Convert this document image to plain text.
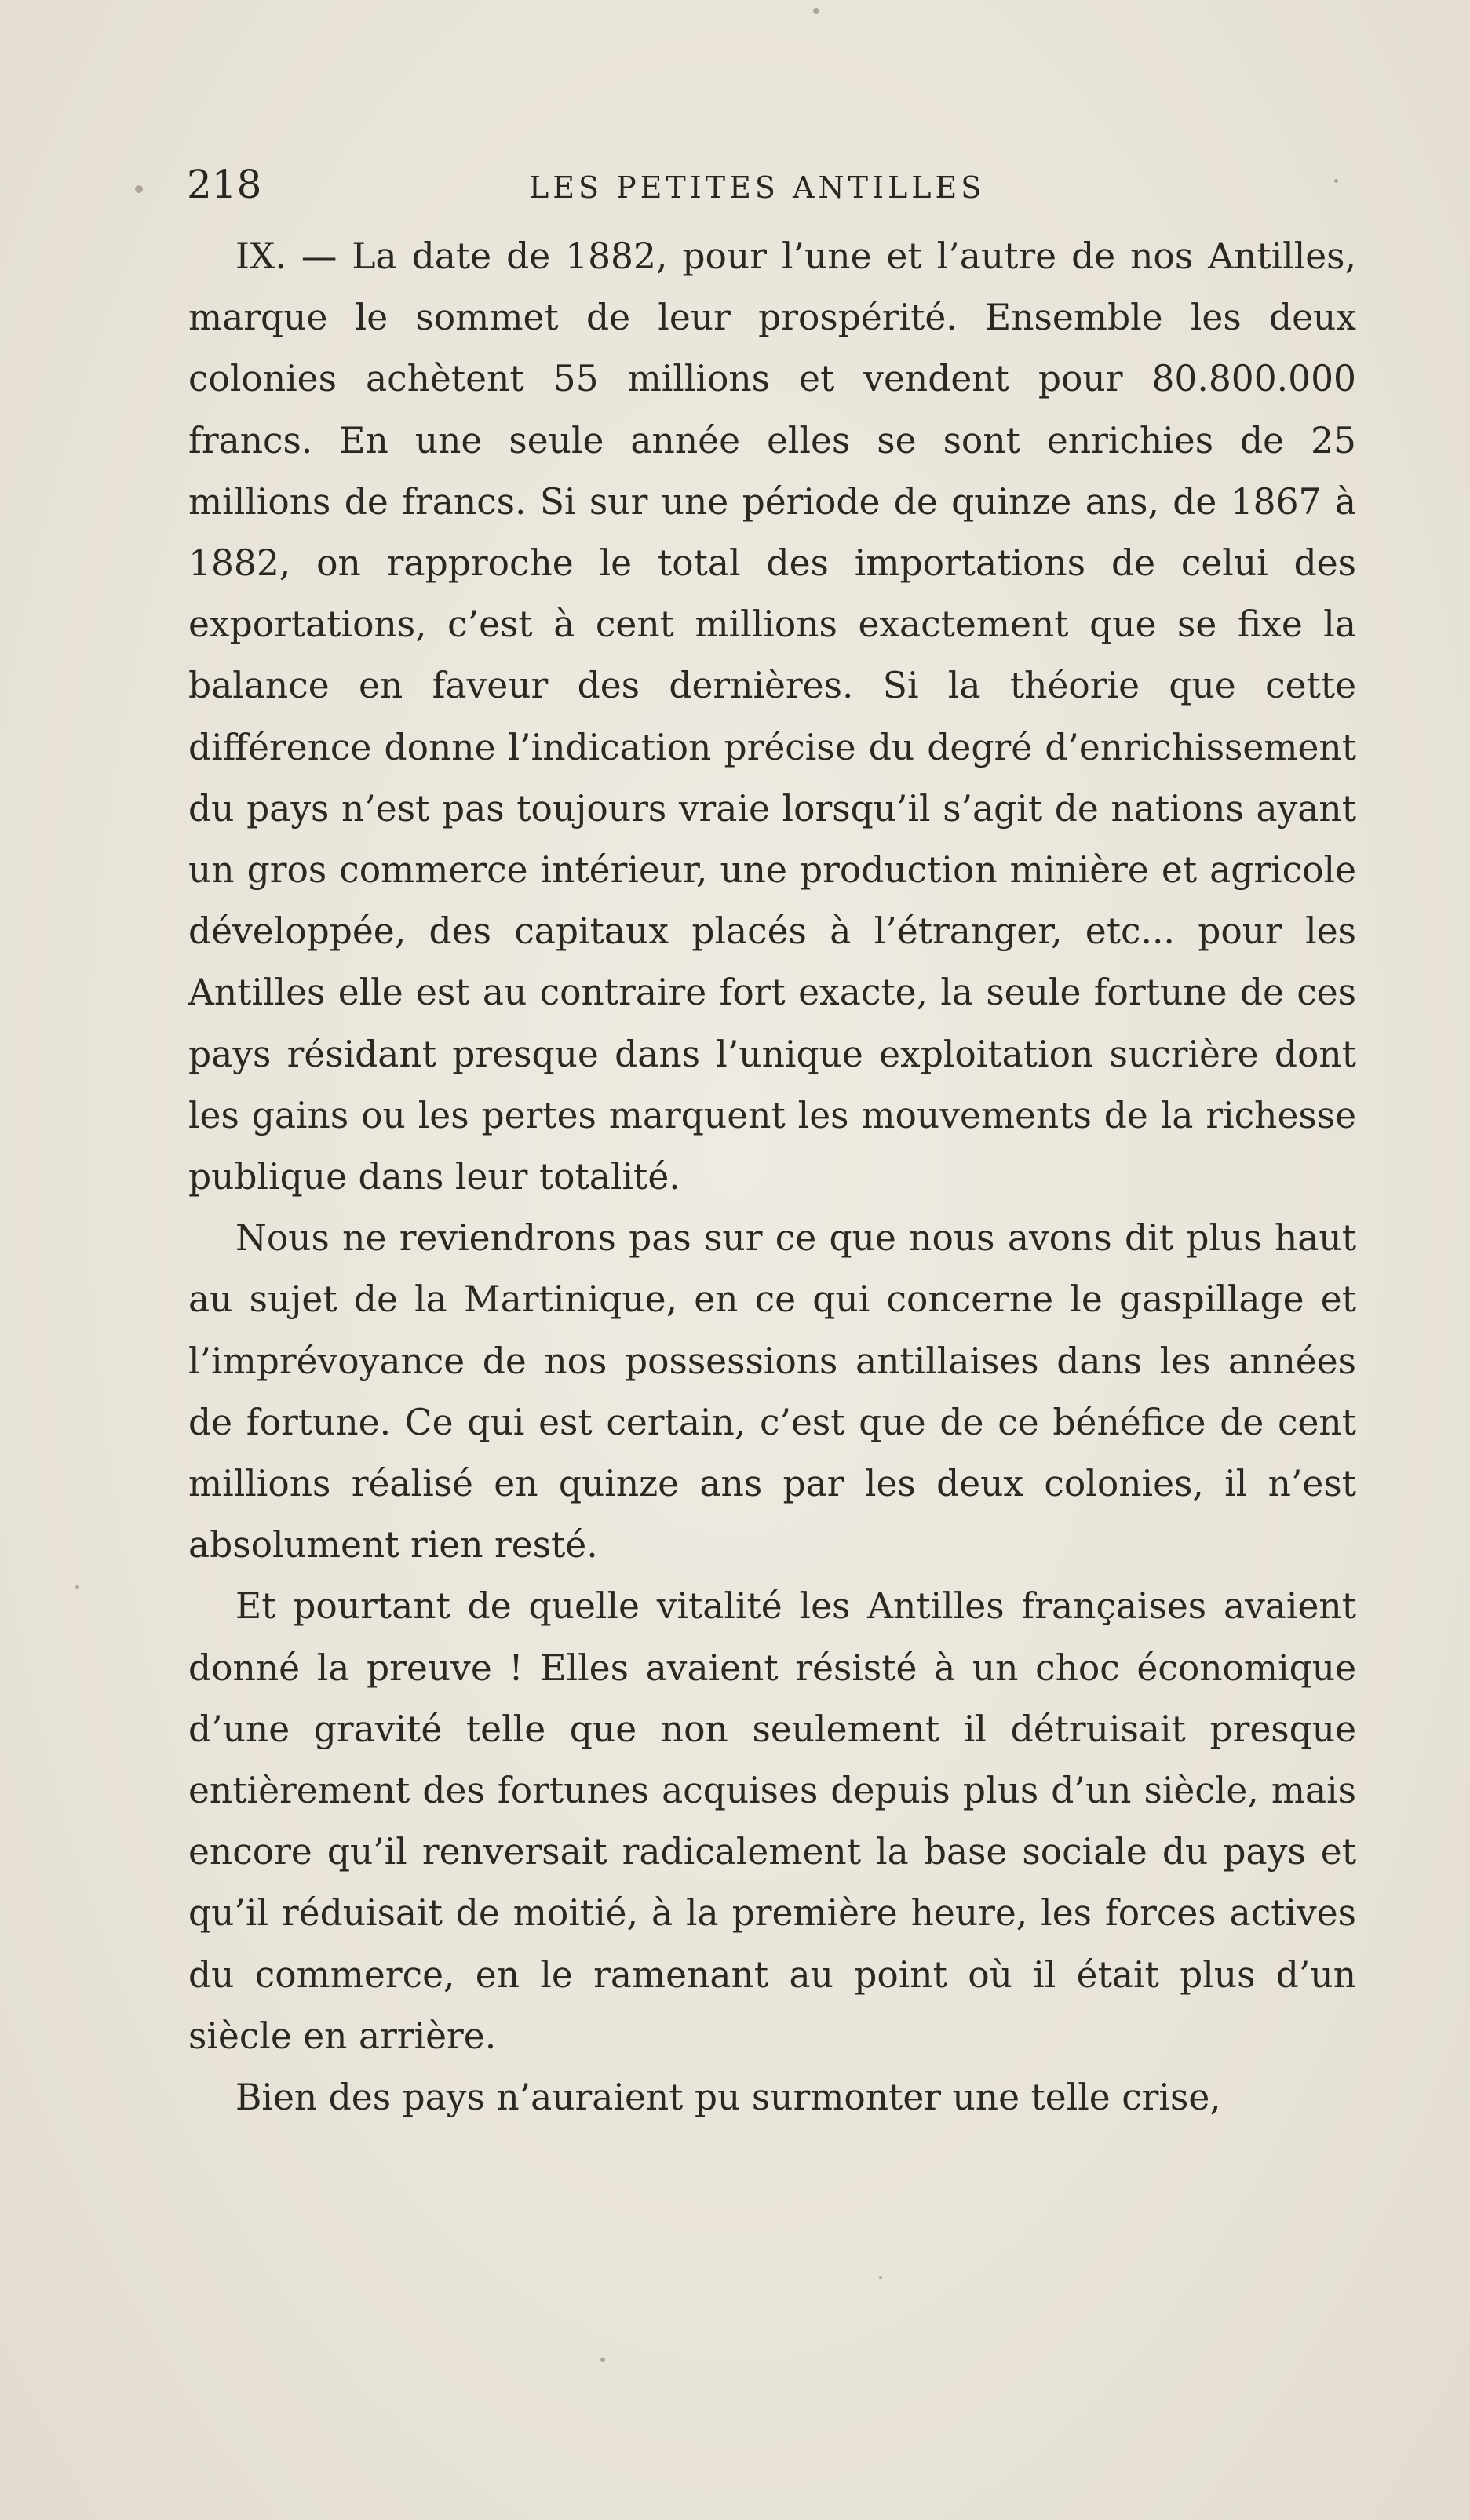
218	LES PETITES ANTILLES

IX. — La date de 1882, pour l’une et l’autre de nos Antilles, marque le sommet de leur prospérité. Ensemble les deux colonies achètent 55 millions et vendent pour 80.800.000 francs. En une seule année elles se sont enrichies de 25 millions de francs. Si sur une période de quinze ans, de 1867 à 1882, on rapproche le total des importations de celui des exportations, c’est à cent millions exactement que se fixe la balance en faveur des dernières. Si la théorie que cette différence donne l’indication précise du degré d’enrichissement du pays n’est pas toujours vraie lorsqu’il s’agit de nations ayant un gros commerce intérieur, une production minière et agricole développée, des capitaux placés à l’étranger, etc... pour les Antilles elle est au contraire fort exacte, la seule fortune de ces pays résidant presque dans l’unique exploitation sucrière dont les gains ou les pertes marquent les mouvements de la richesse publique dans leur totalité.

Nous ne reviendrons pas sur ce que nous avons dit plus haut au sujet de la Martinique, en ce qui concerne le gaspillage et l’imprévoyance de nos possessions antillaises dans les années de fortune. Ce qui est certain, c’est que de ce bénéfice de cent millions réalisé en quinze ans par les deux colonies, il n’est absolument rien resté.

Et pourtant de quelle vitalité les Antilles françaises avaient donné la preuve ! Elles avaient résisté à un choc économique d’une gravité telle que non seulement il détruisait presque entièrement des fortunes acquises depuis plus d’un siècle, mais encore qu’il renversait radicalement la base sociale du pays et qu’il réduisait de moitié, à la première heure, les forces actives du commerce, en le ramenant au point où il était plus d’un siècle en arrière.

Bien des pays n’auraient pu surmonter une telle crise,
